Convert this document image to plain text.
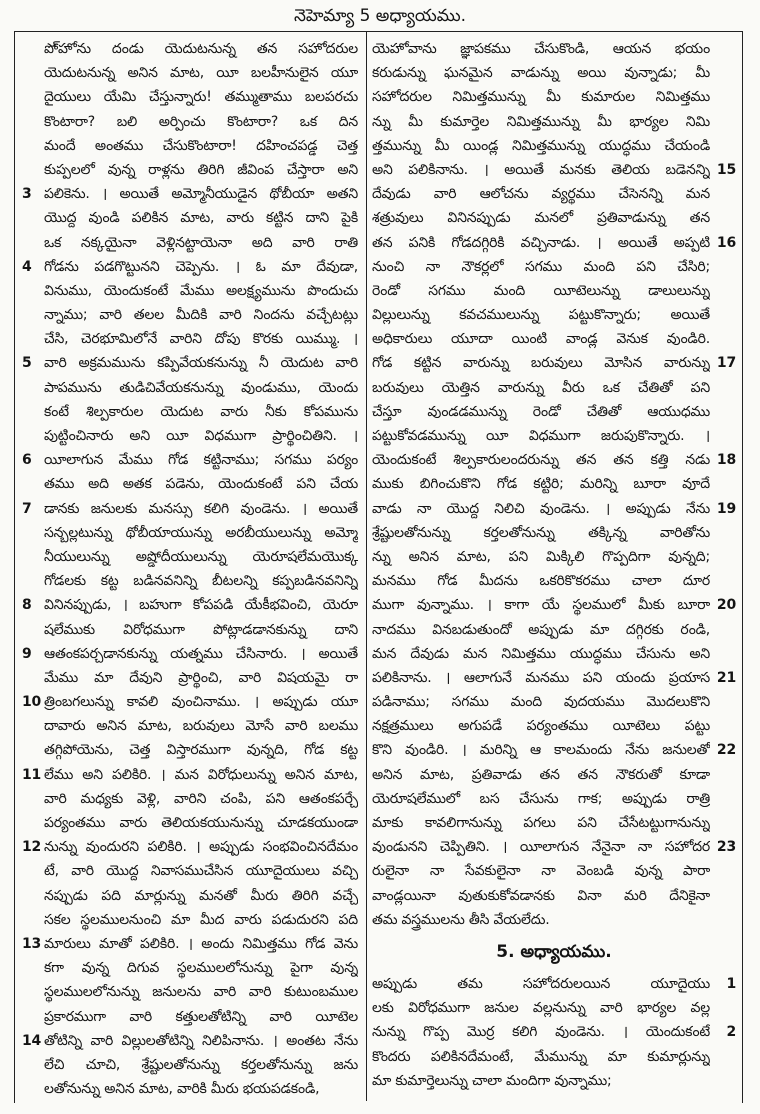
నెహెమ్యా 5 అధ్యాయము.
పో్హోను దండు యెదుటనున్న తన సహోదరుల
యెదుటనున్న అనిన మాట, యీ బలహీనులైన యూ
దైయులు యేమి చేస్తున్నారు! తమ్ముతాము బలపరచు
కొంటారా? బలి అర్పించు కొంటారా? ఒక దిన
మందే అంతము చేసుకొంటారా! దహించపడ్డ చెత్త
కుప్పలలో వున్న రాళ్లను తిరిగి జీవింప చేస్తారా అని
3 పలికెను. । అయితే అమ్మోనీయుడైన థోబీయా అతని
యొద్ద వుండి పలికిన మాట, వారు కట్టిన దాని పైకి
ఒక నక్కయైనా వెళ్లినట్టాయెనా అది వారి రాతి
4 గోడను పడగొట్టునని చెప్పెను. । ఓ మా దేవుడా,
వినుము, యెందుకంటే మేము అలక్ష్యమును పొందుచు
న్నాము; వారి తలల మీదికి వారి నిందను వచ్చేటట్లు
చేసి, చెరభూమిలోనే వారిని దోపు కొరకు యిమ్ము. ।
5 వారి అక్రమమును కప్పివేయకనున్ను నీ యెదుట వారి
పాపమును తుడిచివేయకనున్ను వుండుము, యెందు
కంటే శిల్పకారుల యెదుట వారు నీకు కోపమును
పుట్టించినారు అని యీ విధముగా ప్రార్థించితిని. ।
6 యీలాగున మేము గోడ కట్టినాము; సగము పర్యం
తము అది అతక పడెను, యెందుకంటే పని చేయ
7 డానకు జనులకు మనస్సు కలిగి వుండెను. । అయితే
సన్బల్లటున్ను థోబీయాయున్ను అరబీయులున్ను అమ్మో
నీయులున్ను అష్డోదీయులున్ను యెరూషలేమయొక్క
గోడలకు కట్ట బడినవనిన్ని బీటలన్ని కప్పబడినవనిన్ని
8 వినినప్పుడు, । బహుగా కోపపడి యేకీభవించి, యెరూ
షలేముకు విరోధముగా పోట్లాడడానకున్ను దాని
9 ఆతంకపర్చడానకున్ను యత్నము చేసినారు. । అయితే
మేము మా దేవుని ప్రార్థించి, వారి విషయమై రా
10 త్రింబగలున్ను కావలి వుంచినాము. । అప్పుడు యూ
దావారు అనిన మాట, బరువులు మోసే వారి బలము
తగ్గిపోయెను, చెత్త విస్తారముగా వున్నది, గోడ కట్ట
11 లేము అని పలికిరి. । మన విరోధులున్ను అనిన మాట,
వారి మధ్యకు వెళ్లి, వారిని చంపి, పని ఆతంకపర్చే
పర్యంతము వారు తెలియకయునున్ను చూడకయుండా
12 నున్ను వుందురని పలికిరి. । అప్పుడు సంభవించినదేమం
టే, వారి యొద్ద నివాసముచేసిన యూదైయులు వచ్చి
నప్పుడు పది మార్లున్ను మనతో మీరు తిరిగి వచ్చే
సకల స్థలములనుంచి మా మీద వారు పడుదురని పది
13 మారులు మాతో పలికిరి. । అందు నిమిత్తము గోడ వెను
కగా వున్న దిగువ స్థలములలోనున్ను పైగా వున్న
స్థలములలోనున్ను జనులను వారి వారి కుటుంబముల
ప్రకారముగా వారి కత్తులతోటిన్ని వారి యీటెల
14 తోటిన్ని వారి విల్లులతోటిన్ని నిలిపినాను. । అంతట నేను
లేచి చూచి, శ్రేష్టులతోనున్ను కర్తలతోనున్ను జను
లతోనున్ను అనిన మాట, వారికి మీరు భయపడకండి,
యెహోవాను జ్ఞాపకము చేసుకొండి, ఆయన భయం
కరుడున్ను ఘనమైన వాడున్ను అయి వున్నాడు; మీ
సహోదరుల నిమిత్తమున్ను మీ కుమారుల నిమిత్తము
న్ను మీ కుమార్తెల నిమిత్తమున్ను మీ భార్యల నిమి
త్తమున్ను మీ యిండ్ల నిమిత్తమున్ను యుద్ధము చేయండి
అని పలికినాను. । అయితే మనకు తెలియ బడెనన్ని 15
దేవుడు వారి ఆలోచను వ్యర్థము చేసెనన్ని మన
శత్రువులు వినినప్పుడు మనలో ప్రతివాడున్ను తన
తన పనికి గోడదగ్గిరికి వచ్చినాడు. । అయితే అప్పటి 16
నుంచి నా నౌకర్లలో సగము మంది పని చేసిరి;
రెండో సగము మంది యీటెలున్ను డాలులున్ను
విల్లులున్ను కవచములున్ను పట్టుకొన్నారు; అయితే
అధికారులు యూదా యింటి వాండ్ల వెనుక వుండిరి.
గోడ కట్టిన వారున్ను బరువులు మోసిన వారున్ను 17
బరువులు యెత్తిన వారున్ను వీరు ఒక చేతితో పని
చేస్తూ వుండడమున్ను రెండో చేతితో ఆయుధము
పట్టుకోవడమున్ను యీ విధముగా జరుపుకొన్నారు. ।
యెందుకంటే శిల్పకారులందరున్ను తన తన కత్తి నడు 18
ముకు బిగించుకొని గోడ కట్టిరి; మరిన్ని బూరా వూదే
వాడు నా యొద్ద నిలిచి వుండెను. । అప్పుడు నేను 19
శ్రేష్టులతోనున్ను కర్తలతోనున్ను తక్కిన్న వారితోను
న్ను అనిన మాట, పని మిక్కిలి గొప్పదిగా వున్నది;
మనము గోడ మీదను ఒకరికొకరము చాలా దూర
ముగా వున్నాము. । కాగా యే స్థలములో మీకు బూరా 20
నాదము వినబడుతుందో అప్పుడు మా దగ్గిరకు రండి,
మన దేవుడు మన నిమిత్తము యుద్ధము చేసును అని
పలికినాను. । ఆలాగునే మనము పని యందు ప్రయాస 21
పడినాము; సగము మంది వుదయము మొదలుకొని
నక్షత్రములు అగుపడే పర్యంతము యీటెలు పట్టు
కొని వుండిరి. । మరిన్ని ఆ కాలమందు నేను జనులతో 22
అనిన మాట, ప్రతివాడు తన తన నౌకరుతో కూడా
యెరూషలేములో బస చేసును గాక; అప్పుడు రాత్రి
మాకు కావలిగానున్ను పగలు పని చేసేటట్టుగానున్ను
వుండునని చెప్పితిని. । యీలాగున నేనైనా నా సహోదర 23
రులైనా నా సేవకులైనా నా వెంబడి వున్న పారా
వాండ్లయినా వుతుకుకోవడానకు వినా మరి దేనికైనా
తమ వస్త్రములను తీసి వేయలేదు.
5. అధ్యాయము.
అప్పుడు తమ సహోదరులయిన యూదైయు	1
లకు విరోధముగా జనుల వల్లనున్ను వారి భార్యల వల్ల
నున్ను గొప్ప మొర్ర కలిగి వుండెను. । యెందుకంటే	2
కొందరు పలికినదేమంటే, మేమున్ను మా కుమార్లున్ను
మా కుమార్తెలున్ను చాలా మందిగా వున్నాము;
